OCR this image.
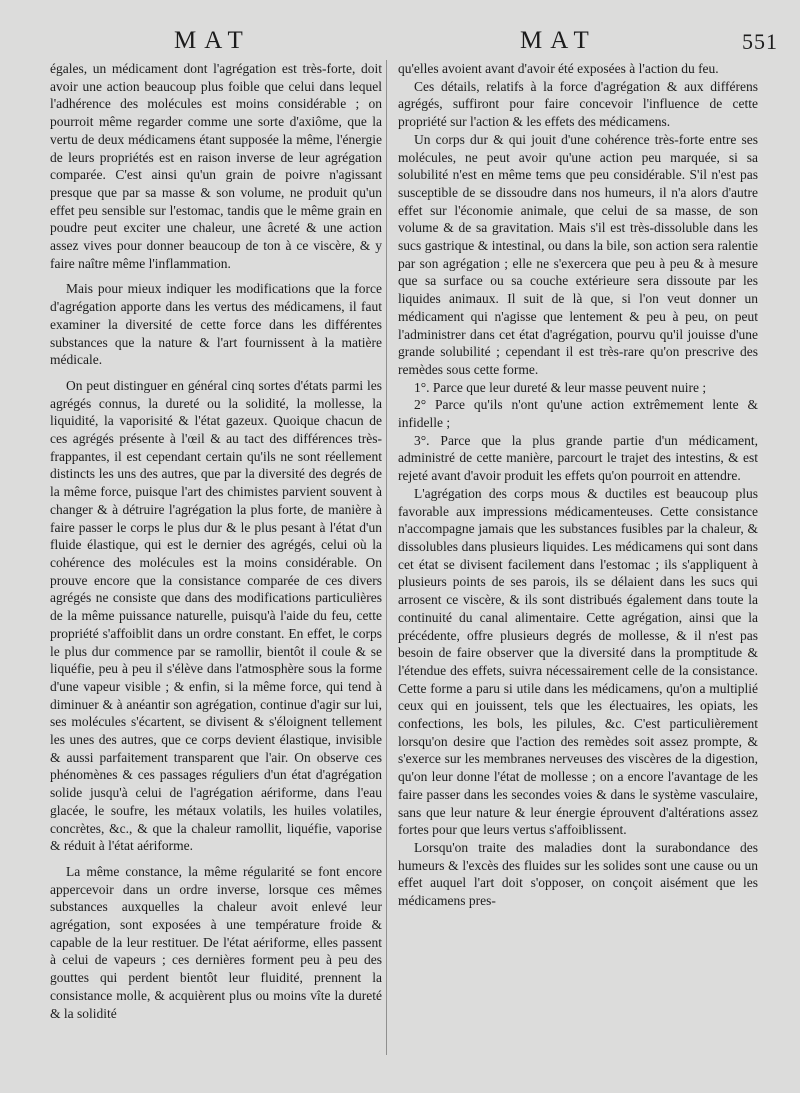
MAT	MAT	551

égales, un médicament dont l'agrégation est très-forte, doit avoir une action beaucoup plus foible que celui dans lequel l'adhérence des molécules est moins considérable ; on pourroit même regarder comme une sorte d'axiôme, que la vertu de deux médicamens étant supposée la même, l'énergie de leurs propriétés est en raison inverse de leur agrégation comparée. C'est ainsi qu'un grain de poivre n'agissant presque que par sa masse & son volume, ne produit qu'un effet peu sensible sur l'estomac, tandis que le même grain en poudre peut exciter une chaleur, une âcreté & une action assez vives pour donner beaucoup de ton à ce viscère, & y faire naître même l'inflammation.

Mais pour mieux indiquer les modifications que la force d'agrégation apporte dans les vertus des médicamens, il faut examiner la diversité de cette force dans les différentes substances que la nature & l'art fournissent à la matière médicale.

On peut distinguer en général cinq sortes d'états parmi les agrégés connus, la dureté ou la solidité, la mollesse, la liquidité, la vaporisité & l'état gazeux. Quoique chacun de ces agrégés présente à l'œil & au tact des différences très-frappantes, il est cependant certain qu'ils ne sont réellement distincts les uns des autres, que par la diversité des degrés de la même force, puisque l'art des chimistes parvient souvent à changer & à détruire l'agrégation la plus forte, de manière à faire passer le corps le plus dur & le plus pesant à l'état d'un fluide élastique, qui est le dernier des agrégés, celui où la cohérence des molécules est la moins considérable. On prouve encore que la consistance comparée de ces divers agrégés ne consiste que dans des modifications particulières de la même puissance naturelle, puisqu'à l'aide du feu, cette propriété s'affoiblit dans un ordre constant. En effet, le corps le plus dur commence par se ramollir, bientôt il coule & se liquéfie, peu à peu il s'élève dans l'atmosphère sous la forme d'une vapeur visible ; & enfin, si la même force, qui tend à diminuer & à anéantir son agrégation, continue d'agir sur lui, ses molécules s'écartent, se divisent & s'éloignent tellement les unes des autres, que ce corps devient élastique, invisible & aussi parfaitement transparent que l'air. On observe ces phénomènes & ces passages réguliers d'un état d'agrégation solide jusqu'à celui de l'agrégation aériforme, dans l'eau glacée, le soufre, les métaux volatils, les huiles volatiles, concrètes, &c., & que la chaleur ramollit, liquéfie, vaporise & réduit à l'état aériforme.

La même constance, la même régularité se font encore appercevoir dans un ordre inverse, lorsque ces mêmes substances auxquelles la chaleur avoit enlevé leur agrégation, sont exposées à une température froide & capable de la leur restituer. De l'état aériforme, elles passent à celui de vapeurs ; ces dernières forment peu à peu des gouttes qui perdent bientôt leur fluidité, prennent la consistance molle, & acquièrent plus ou moins vîte la dureté & la solidité

qu'elles avoient avant d'avoir été exposées à l'action du feu.

Ces détails, relatifs à la force d'agrégation & aux différens agrégés, suffiront pour faire concevoir l'influence de cette propriété sur l'action & les effets des médicamens.

Un corps dur & qui jouit d'une cohérence très-forte entre ses molécules, ne peut avoir qu'une action peu marquée, si sa solubilité n'est en même tems que peu considérable. S'il n'est pas susceptible de se dissoudre dans nos humeurs, il n'a alors d'autre effet sur l'économie animale, que celui de sa masse, de son volume & de sa gravitation. Mais s'il est très-dissoluble dans les sucs gastrique & intestinal, ou dans la bile, son action sera ralentie par son agrégation ; elle ne s'exercera que peu à peu & à mesure que sa surface ou sa couche extérieure sera dissoute par les liquides animaux. Il suit de là que, si l'on veut donner un médicament qui n'agisse que lentement & peu à peu, on peut l'administrer dans cet état d'agrégation, pourvu qu'il jouisse d'une grande solubilité ; cependant il est très-rare qu'on prescrive des remèdes sous cette forme.

1°. Parce que leur dureté & leur masse peuvent nuire ;

2° Parce qu'ils n'ont qu'une action extrêmement lente & infidelle ;

3°. Parce que la plus grande partie d'un médicament, administré de cette manière, parcourt le trajet des intestins, & est rejeté avant d'avoir produit les effets qu'on pourroit en attendre.

L'agrégation des corps mous & ductiles est beaucoup plus favorable aux impressions médicamenteuses. Cette consistance n'accompagne jamais que les substances fusibles par la chaleur, & dissolubles dans plusieurs liquides. Les médicamens qui sont dans cet état se divisent facilement dans l'estomac ; ils s'appliquent à plusieurs points de ses parois, ils se délaient dans les sucs qui arrosent ce viscère, & ils sont distribués également dans toute la continuité du canal alimentaire. Cette agrégation, ainsi que la précédente, offre plusieurs degrés de mollesse, & il n'est pas besoin de faire observer que la diversité dans la promptitude & l'étendue des effets, suivra nécessairement celle de la consistance. Cette forme a paru si utile dans les médicamens, qu'on a multiplié ceux qui en jouissent, tels que les électuaires, les opiats, les confections, les bols, les pilules, &c. C'est particulièrement lorsqu'on desire que l'action des remèdes soit assez prompte, & s'exerce sur les membranes nerveuses des viscères de la digestion, qu'on leur donne l'état de mollesse ; on a encore l'avantage de les faire passer dans les secondes voies & dans le système vasculaire, sans que leur nature & leur énergie éprouvent d'altérations assez fortes pour que leurs vertus s'affoiblissent.

Lorsqu'on traite des maladies dont la surabondance des humeurs & l'excès des fluides sur les solides sont une cause ou un effet auquel l'art doit s'opposer, on conçoit aisément que les médicamens pres-
